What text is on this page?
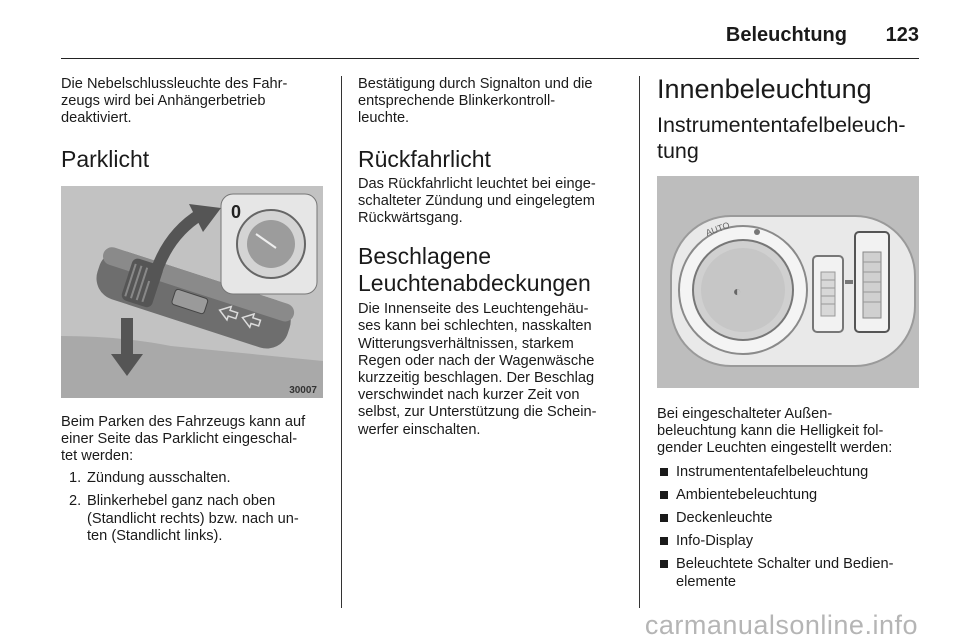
Beleuchtung 123

Die Nebelschlussleuchte des Fahr-
zeugs wird bei Anhängerbetrieb
deaktiviert.

Parklicht
0
30007

Beim Parken des Fahrzeugs kann auf
einer Seite das Parklicht eingeschal-
tet werden:

1. Zündung ausschalten.
2. Blinkerhebel ganz nach oben
(Standlicht rechts) bzw. nach un-
ten (Standlicht links).

Bestätigung durch Signalton und die
entsprechende Blinkerkontroll-
leuchte.

Rückfahrlicht

Das Rückfahrlicht leuchtet bei einge-
schalteter Zündung und eingelegtem
Rückwärtsgang.

Beschlagene
Leuchtenabdeckungen

Die Innenseite des Leuchtengehäu-
ses kann bei schlechten, nasskalten
Witterungsverhältnissen, starkem
Regen oder nach der Wagenwäsche
kurzzeitig beschlagen. Der Beschlag
verschwindet nach kurzer Zeit von
selbst, zur Unterstützung die Schein-
werfer einschalten.

Innenbeleuchtung
Instrumententafelbeleuch-
tung
◐
AUTO

Bei eingeschalteter Außen-
beleuchtung kann die Helligkeit fol-
gender Leuchten eingestellt werden:

Instrumententafelbeleuchtung
Ambientebeleuchtung
Deckenleuchte
Info-Display
Beleuchtete Schalter und Bedien-
elemente
carmanualsonline.info
